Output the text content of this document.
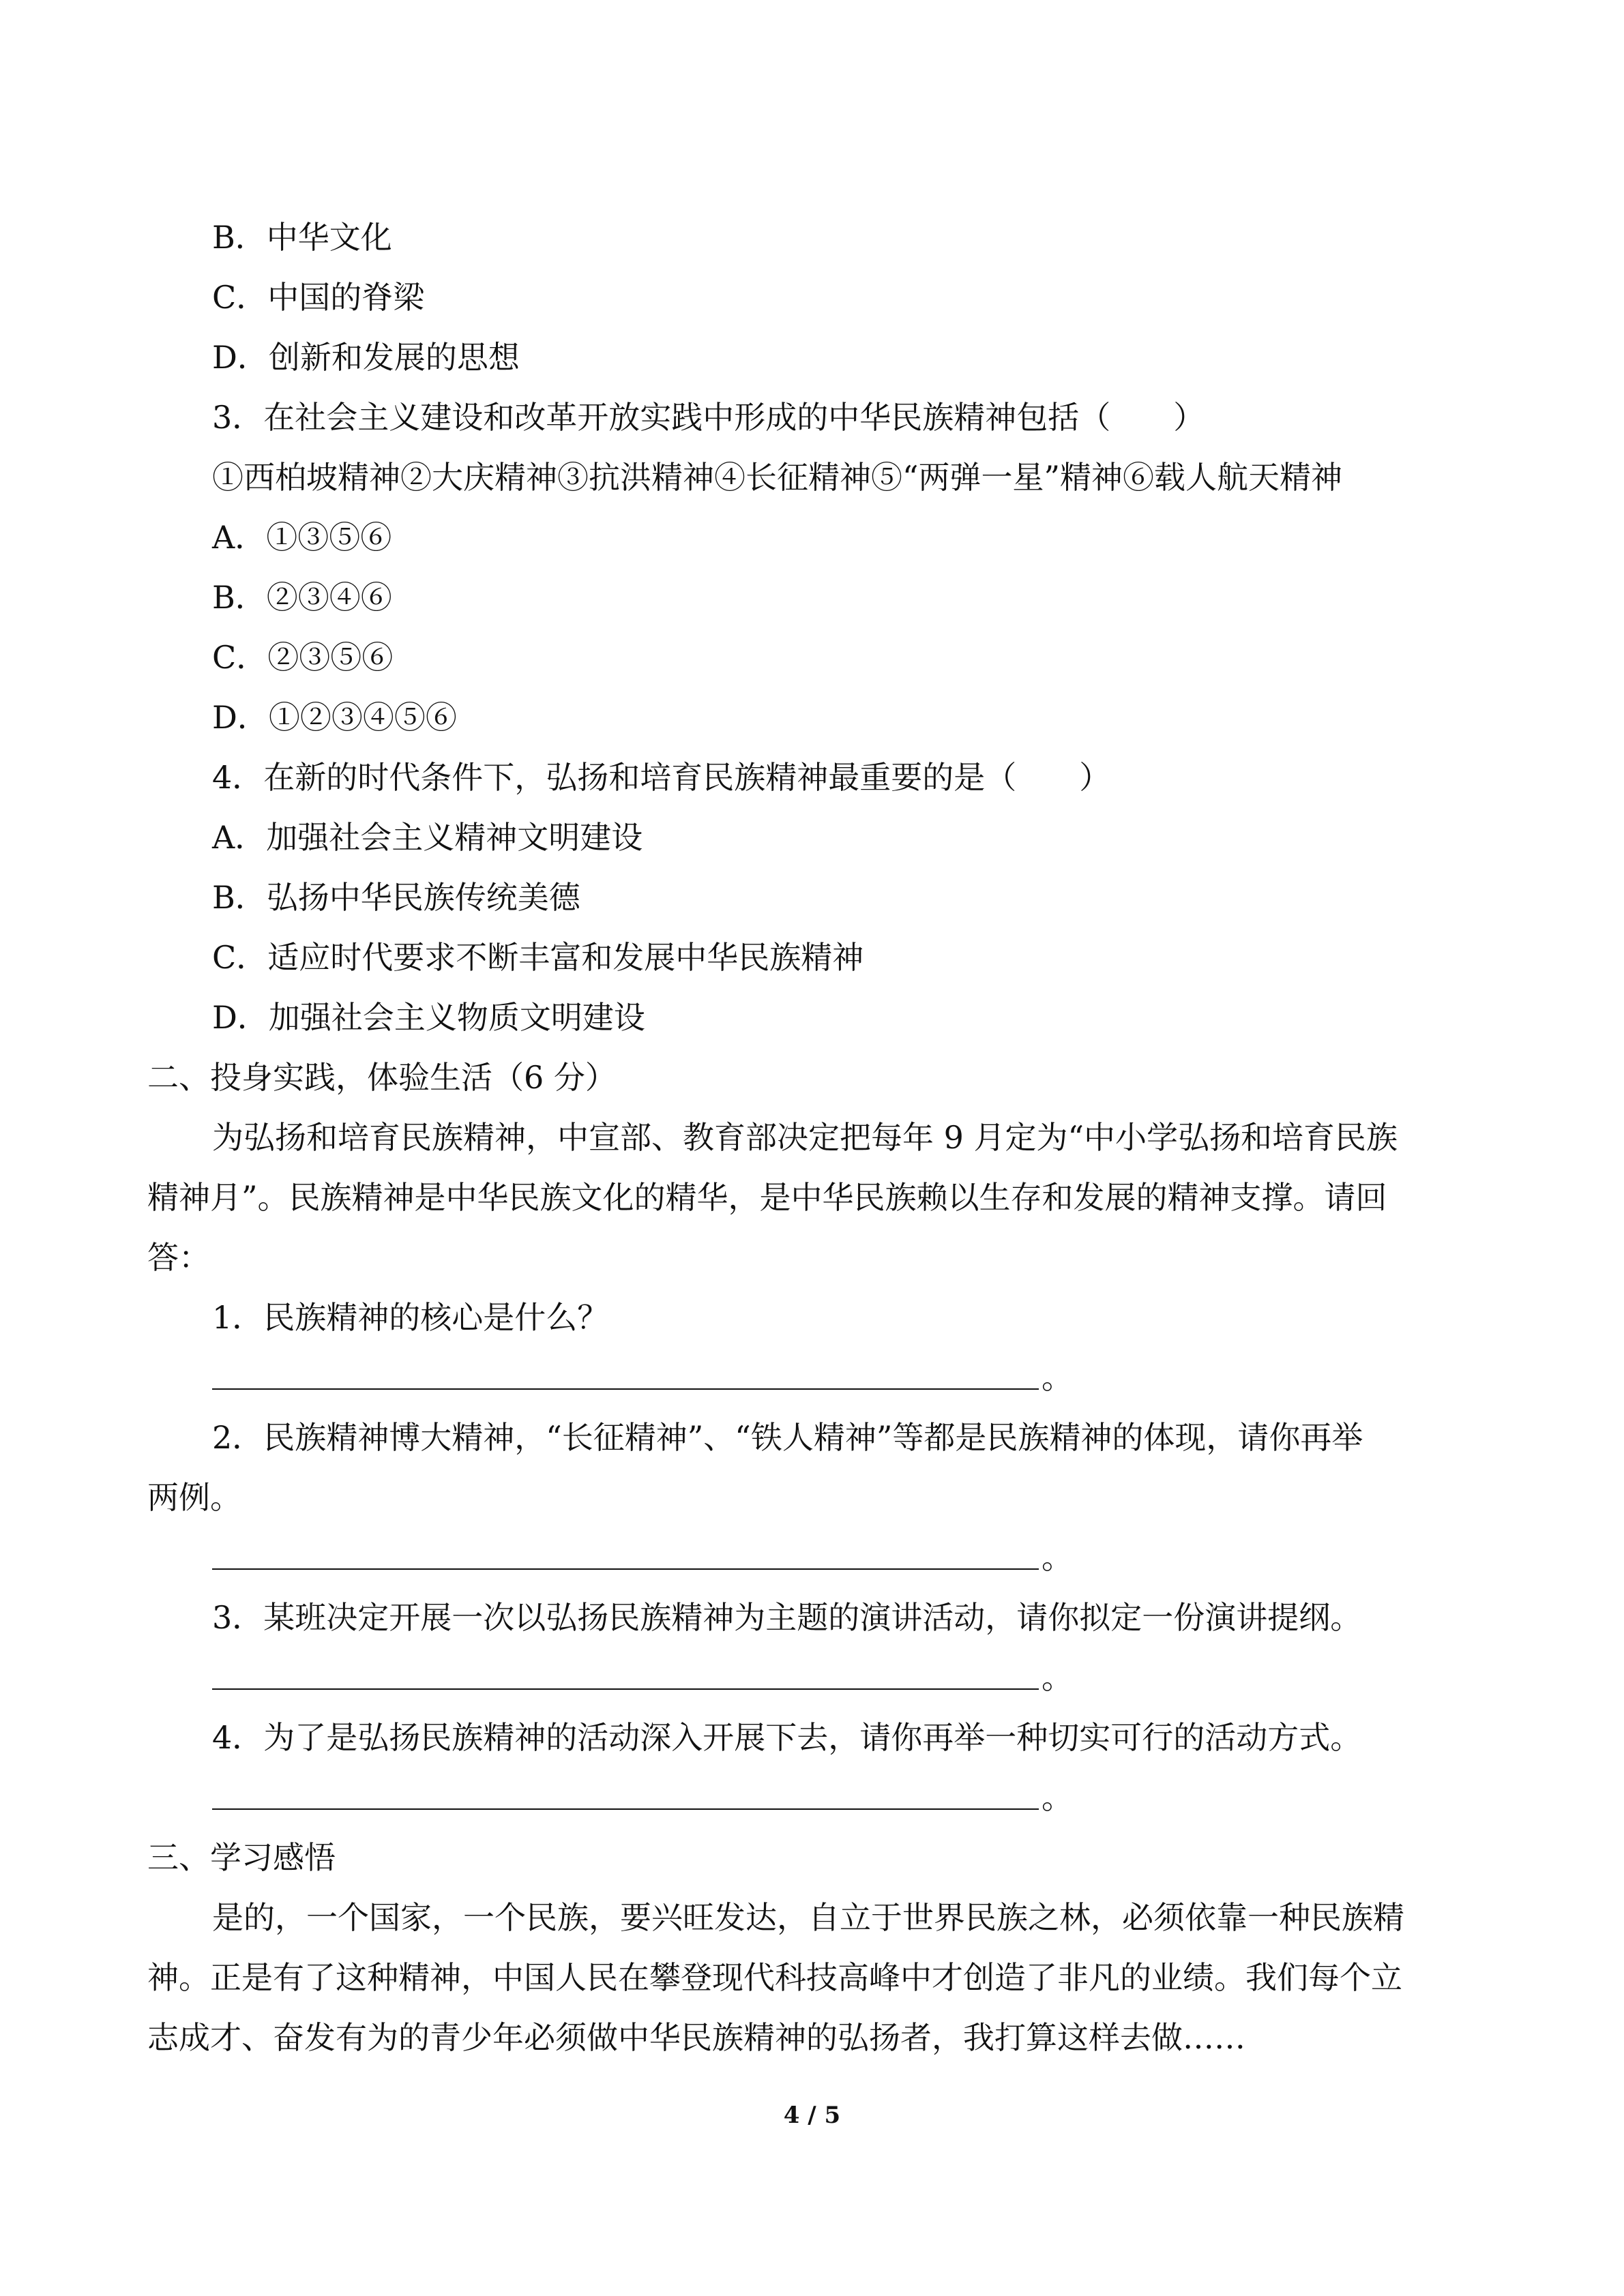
B．中华文化
C．中国的脊梁
D．创新和发展的思想
3．在社会主义建设和改革开放实践中形成的中华民族精神包括（　　）
①西柏坡精神②大庆精神③抗洪精神④长征精神⑤“两弹一星”精神⑥载人航天精神
A．①③⑤⑥
B．②③④⑥
C．②③⑤⑥
D．①②③④⑤⑥
4．在新的时代条件下，弘扬和培育民族精神最重要的是（　　）
A．加强社会主义精神文明建设
B．弘扬中华民族传统美德
C．适应时代要求不断丰富和发展中华民族精神
D．加强社会主义物质文明建设
二、投身实践，体验生活（6 分）
为弘扬和培育民族精神，中宣部、教育部决定把每年 9 月定为“中小学弘扬和培育民族
精神月”。民族精神是中华民族文化的精华，是中华民族赖以生存和发展的精神支撑。请回
答：
1．民族精神的核心是什么？
。
2．民族精神博大精神，“长征精神”、“铁人精神”等都是民族精神的体现，请你再举
两例。
。
3．某班决定开展一次以弘扬民族精神为主题的演讲活动，请你拟定一份演讲提纲。
。
4．为了是弘扬民族精神的活动深入开展下去，请你再举一种切实可行的活动方式。
。
三、学习感悟
是的，一个国家，一个民族，要兴旺发达，自立于世界民族之林，必须依靠一种民族精
神。正是有了这种精神，中国人民在攀登现代科技高峰中才创造了非凡的业绩。我们每个立
志成才、奋发有为的青少年必须做中华民族精神的弘扬者，我打算这样去做……
4 / 5
